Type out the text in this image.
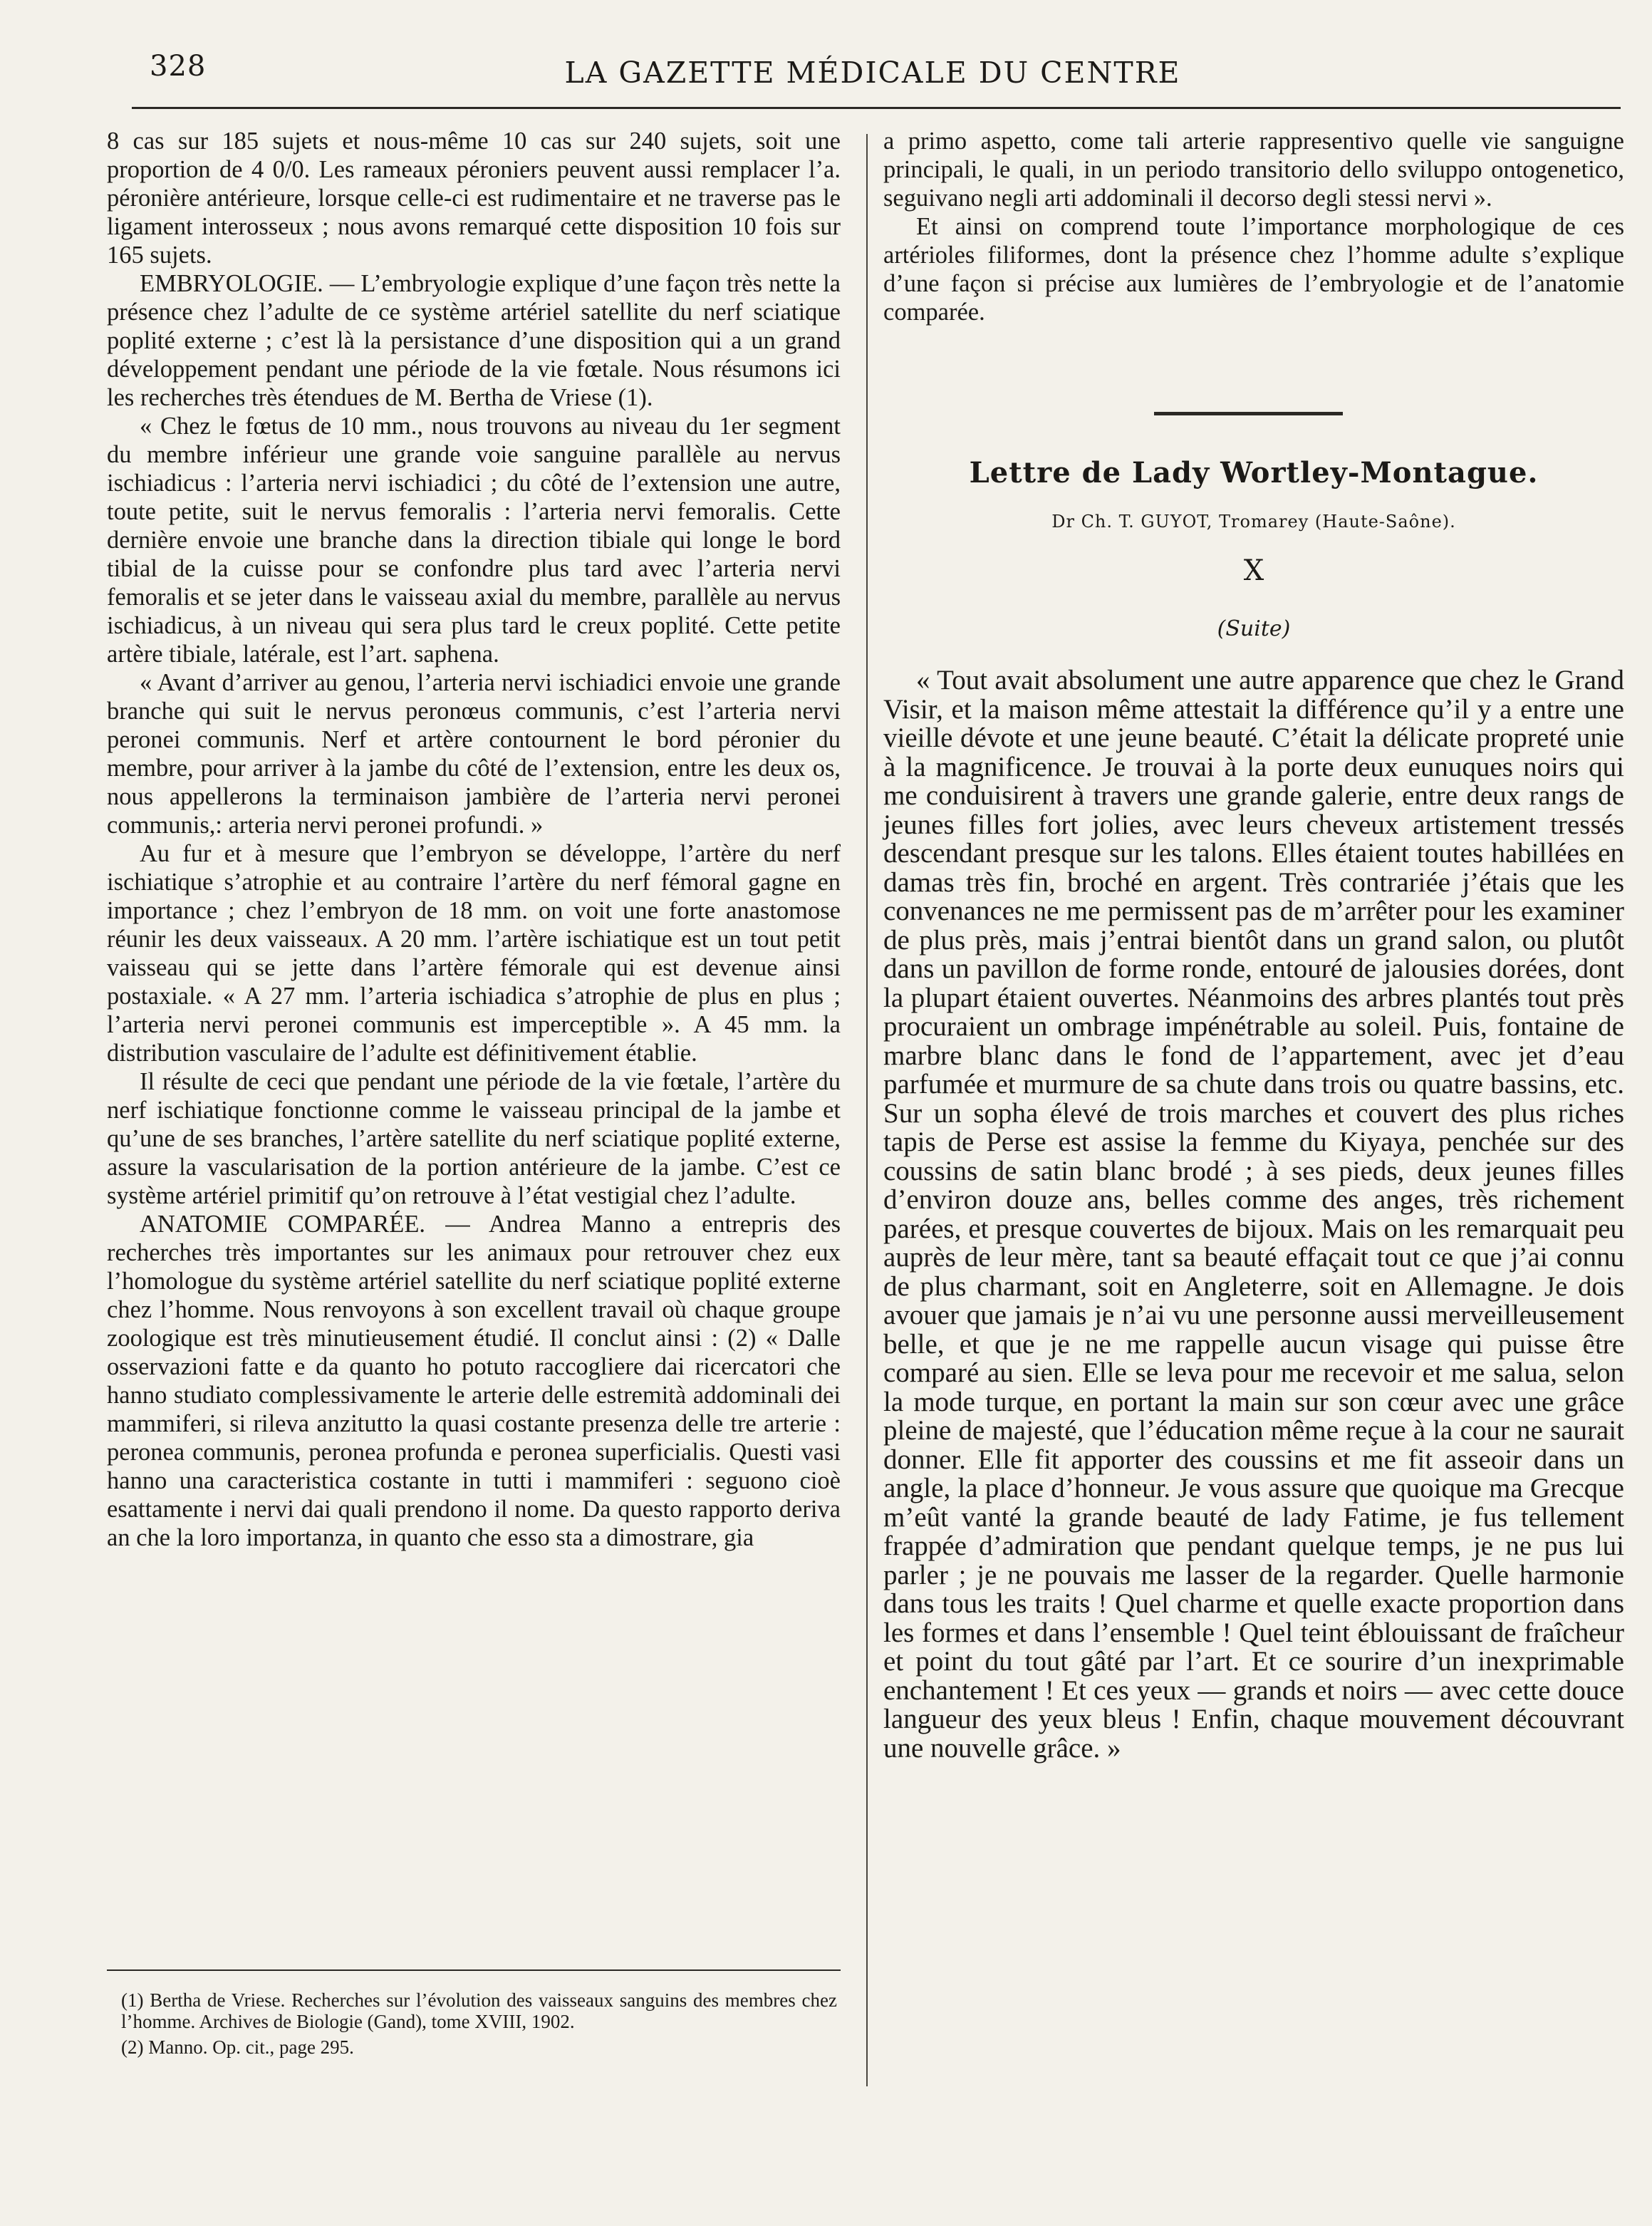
328	LA GAZETTE MÉDICALE DU CENTRE

8 cas sur 185 sujets et nous-même 10 cas sur 240 sujets, soit une proportion de 4 0/0. Les rameaux péroniers peuvent aussi remplacer l’a. péronière antérieure, lorsque celle-ci est rudimentaire et ne traverse pas le ligament interosseux ; nous avons remarqué cette disposition 10 fois sur 165 sujets.

EMBRYOLOGIE. — L’embryologie explique d’une façon très nette la présence chez l’adulte de ce système artériel satellite du nerf sciatique poplité externe ; c’est là la persistance d’une disposition qui a un grand développement pendant une période de la vie fœtale. Nous résumons ici les recherches très étendues de M. Bertha de Vriese (1).

« Chez le fœtus de 10 mm., nous trouvons au niveau du 1er segment du membre inférieur une grande voie sanguine parallèle au nervus ischiadicus : l’arteria nervi ischiadici ; du côté de l’extension une autre, toute petite, suit le nervus femoralis : l’arteria nervi femoralis. Cette dernière envoie une branche dans la direction tibiale qui longe le bord tibial de la cuisse pour se confondre plus tard avec l’arteria nervi femoralis et se jeter dans le vaisseau axial du membre, parallèle au nervus ischiadicus, à un niveau qui sera plus tard le creux poplité. Cette petite artère tibiale, latérale, est l’art. saphena.

« Avant d’arriver au genou, l’arteria nervi ischiadici envoie une grande branche qui suit le nervus peronœus communis, c’est l’arteria nervi peronei communis. Nerf et artère contournent le bord péronier du membre, pour arriver à la jambe du côté de l’extension, entre les deux os, nous appellerons la terminaison jambière de l’arteria nervi peronei communis,: arteria nervi peronei profundi. »

Au fur et à mesure que l’embryon se développe, l’artère du nerf ischiatique s’atrophie et au contraire l’artère du nerf fémoral gagne en importance ; chez l’embryon de 18 mm. on voit une forte anastomose réunir les deux vaisseaux. A 20 mm. l’artère ischiatique est un tout petit vaisseau qui se jette dans l’artère fémorale qui est devenue ainsi postaxiale. « A 27 mm. l’arteria ischiadica s’atrophie de plus en plus ; l’arteria nervi peronei communis est imperceptible ». A 45 mm. la distribution vasculaire de l’adulte est définitivement établie.

Il résulte de ceci que pendant une période de la vie fœtale, l’artère du nerf ischiatique fonctionne comme le vaisseau principal de la jambe et qu’une de ses branches, l’artère satellite du nerf sciatique poplité externe, assure la vascularisation de la portion antérieure de la jambe. C’est ce système artériel primitif qu’on retrouve à l’état vestigial chez l’adulte.

ANATOMIE COMPARÉE. — Andrea Manno a entrepris des recherches très importantes sur les animaux pour retrouver chez eux l’homologue du système artériel satellite du nerf sciatique poplité externe chez l’homme. Nous renvoyons à son excellent travail où chaque groupe zoologique est très minutieusement étudié. Il conclut ainsi : (2) « Dalle osservazioni fatte e da quanto ho potuto raccogliere dai ricercatori che hanno studiato complessivamente le arterie delle estremità addominali dei mammiferi, si rileva anzitutto la quasi costante presenza delle tre arterie : peronea communis, peronea profunda e peronea superficialis. Questi vasi hanno una caracteristica costante in tutti i mammiferi : seguono cioè esattamente i nervi dai quali prendono il nome. Da questo rapporto deriva an che la loro importanza, in quanto che esso sta a dimostrare, gia

(1) Bertha de Vriese. Recherches sur l’évolution des vaisseaux sanguins des membres chez l’homme. Archives de Biologie (Gand), tome XVIII, 1902.

(2) Manno. Op. cit., page 295.

a primo aspetto, come tali arterie rappresentivo quelle vie sanguigne principali, le quali, in un periodo transitorio dello sviluppo ontogenetico, seguivano negli arti addominali il decorso degli stessi nervi ».

Et ainsi on comprend toute l’importance morphologique de ces artérioles filiformes, dont la présence chez l’homme adulte s’explique d’une façon si précise aux lumières de l’embryologie et de l’anatomie comparée.

Lettre de Lady Wortley-Montague.
Dr Ch. T. GUYOT, Tromarey (Haute-Saône).
X
(Suite)

« Tout avait absolument une autre apparence que chez le Grand Visir, et la maison même attestait la différence qu’il y a entre une vieille dévote et une jeune beauté. C’était la délicate propreté unie à la magnificence. Je trouvai à la porte deux eunuques noirs qui me conduisirent à travers une grande galerie, entre deux rangs de jeunes filles fort jolies, avec leurs cheveux artistement tressés descendant presque sur les talons. Elles étaient toutes habillées en damas très fin, broché en argent. Très contrariée j’étais que les convenances ne me permissent pas de m’arrêter pour les examiner de plus près, mais j’entrai bientôt dans un grand salon, ou plutôt dans un pavillon de forme ronde, entouré de jalousies dorées, dont la plupart étaient ouvertes. Néanmoins des arbres plantés tout près procuraient un ombrage impénétrable au soleil. Puis, fontaine de marbre blanc dans le fond de l’appartement, avec jet d’eau parfumée et murmure de sa chute dans trois ou quatre bassins, etc. Sur un sopha élevé de trois marches et couvert des plus riches tapis de Perse est assise la femme du Kiyaya, penchée sur des coussins de satin blanc brodé ; à ses pieds, deux jeunes filles d’environ douze ans, belles comme des anges, très richement parées, et presque couvertes de bijoux. Mais on les remarquait peu auprès de leur mère, tant sa beauté effaçait tout ce que j’ai connu de plus charmant, soit en Angleterre, soit en Allemagne. Je dois avouer que jamais je n’ai vu une personne aussi merveilleusement belle, et que je ne me rappelle aucun visage qui puisse être comparé au sien. Elle se leva pour me recevoir et me salua, selon la mode turque, en portant la main sur son cœur avec une grâce pleine de majesté, que l’éducation même reçue à la cour ne saurait donner. Elle fit apporter des coussins et me fit asseoir dans un angle, la place d’honneur. Je vous assure que quoique ma Grecque m’eût vanté la grande beauté de lady Fatime, je fus tellement frappée d’admiration que pendant quelque temps, je ne pus lui parler ; je ne pouvais me lasser de la regarder. Quelle harmonie dans tous les traits ! Quel charme et quelle exacte proportion dans les formes et dans l’ensemble ! Quel teint éblouissant de fraîcheur et point du tout gâté par l’art. Et ce sourire d’un inexprimable enchantement ! Et ces yeux — grands et noirs — avec cette douce langueur des yeux bleus ! Enfin, chaque mouvement découvrant une nouvelle grâce. »
